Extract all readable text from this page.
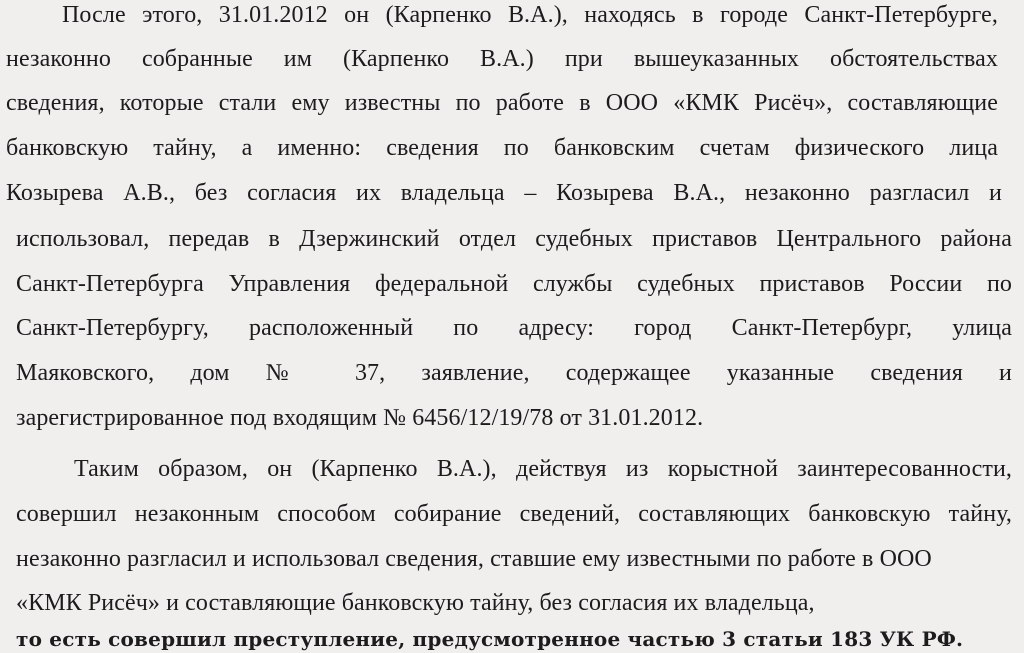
После этого, 31.01.2012 он (Карпенко В.А.), находясь в городе Санкт-Петербурге,
незаконно собранные им (Карпенко В.А.) при вышеуказанных обстоятельствах
сведения, которые стали ему известны по работе в ООО «КМК Рисёч», составляющие
банковскую тайну, а именно: сведения по банковским счетам физического лица
Козырева А.В., без согласия их владельца – Козырева В.А., незаконно разгласил и
использовал, передав в Дзержинский отдел судебных приставов Центрального района
Санкт-Петербурга Управления федеральной службы судебных приставов России по
Санкт-Петербургу, расположенный по адресу: город Санкт-Петербург, улица
Маяковского, дом № 37, заявление, содержащее указанные сведения и
зарегистрированное под входящим № 6456/12/19/78 от 31.01.2012.
Таким образом, он (Карпенко В.А.), действуя из корыстной заинтересованности,
совершил незаконным способом собирание сведений, составляющих банковскую тайну,
незаконно разгласил и использовал сведения, ставшие ему известными по работе в ООО
«КМК Рисёч» и составляющие банковскую тайну, без согласия их владельца,
то есть совершил преступление, предусмотренное частью 3 статьи 183 УК РФ.
